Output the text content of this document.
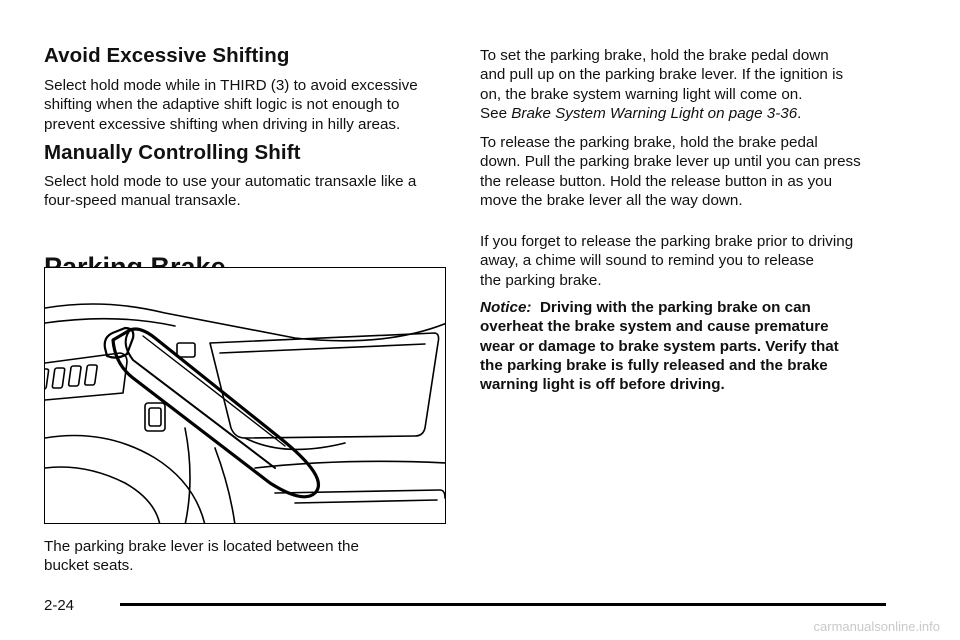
Avoid Excessive Shifting

Select hold mode while in THIRD (3) to avoid excessive
shifting when the adaptive shift logic is not enough to
prevent excessive shifting when driving in hilly areas.

Manually Controlling Shift

Select hold mode to use your automatic transaxle like a
four-speed manual transaxle.

The parking brake lever is located between the
bucket seats.

To set the parking brake, hold the brake pedal down
and pull up on the parking brake lever. If the ignition is
on, the brake system warning light will come on.
See Brake System Warning Light on page 3-36.

To release the parking brake, hold the brake pedal
down. Pull the parking brake lever up until you can press
the release button. Hold the release button in as you
move the brake lever all the way down.

If you forget to release the parking brake prior to driving
away, a chime will sound to remind you to release
the parking brake.

Notice: Driving with the parking brake on can
overheat the brake system and cause premature
wear or damage to brake system parts. Verify that
the parking brake is fully released and the brake
warning light is off before driving.

2-24
carmanualsonline.info
